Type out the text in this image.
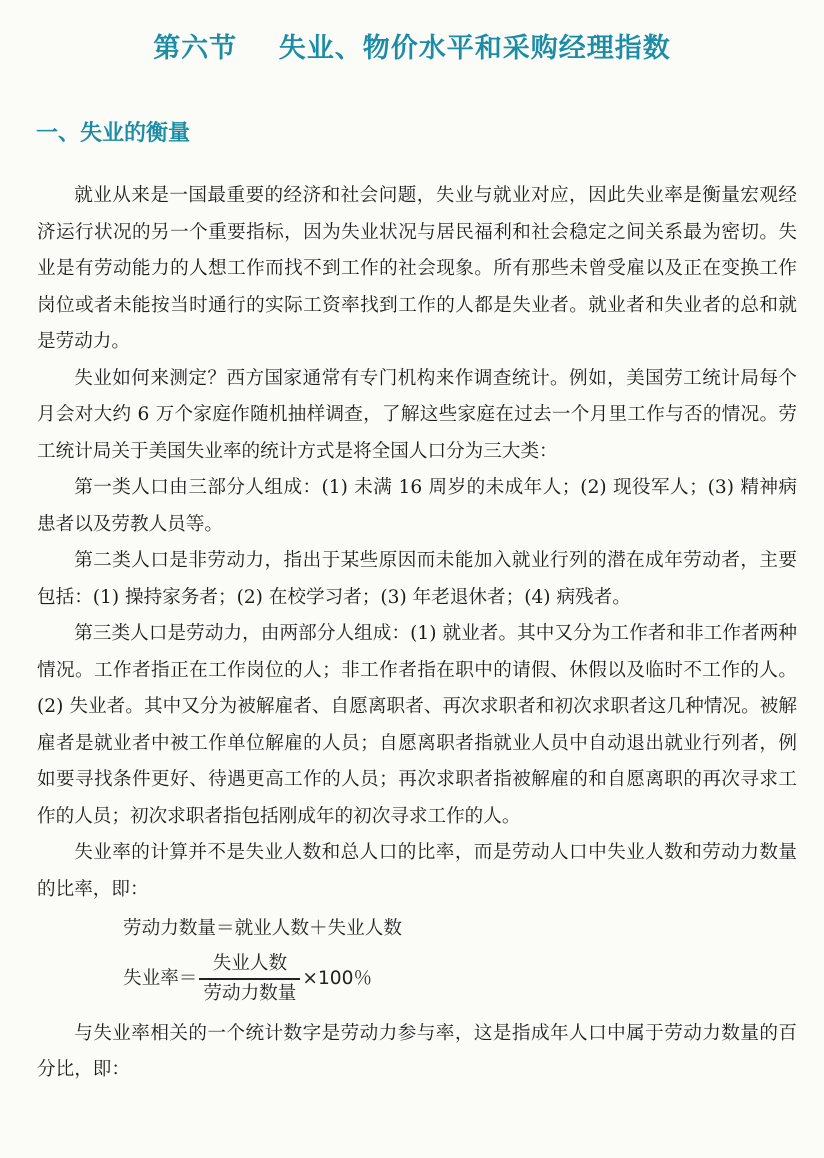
第六节    失业、物价水平和采购经理指数
一、失业的衡量

就业从来是一国最重要的经济和社会问题，失业与就业对应，因此失业率是衡量宏观经济运行状况的另一个重要指标，因为失业状况与居民福利和社会稳定之间关系最为密切。失业是有劳动能力的人想工作而找不到工作的社会现象。所有那些未曾受雇以及正在变换工作岗位或者未能按当时通行的实际工资率找到工作的人都是失业者。就业者和失业者的总和就是劳动力。

失业如何来测定？西方国家通常有专门机构来作调查统计。例如，美国劳工统计局每个月会对大约 6 万个家庭作随机抽样调查，了解这些家庭在过去一个月里工作与否的情况。劳工统计局关于美国失业率的统计方式是将全国人口分为三大类：

第一类人口由三部分人组成：(1) 未满 16 周岁的未成年人；(2) 现役军人；(3) 精神病患者以及劳教人员等。

第二类人口是非劳动力，指出于某些原因而未能加入就业行列的潜在成年劳动者，主要包括：(1) 操持家务者；(2) 在校学习者；(3) 年老退休者；(4) 病残者。

第三类人口是劳动力，由两部分人组成：(1) 就业者。其中又分为工作者和非工作者两种情况。工作者指正在工作岗位的人；非工作者指在职中的请假、休假以及临时不工作的人。(2) 失业者。其中又分为被解雇者、自愿离职者、再次求职者和初次求职者这几种情况。被解雇者是就业者中被工作单位解雇的人员；自愿离职者指就业人员中自动退出就业行列者，例如要寻找条件更好、待遇更高工作的人员；再次求职者指被解雇的和自愿离职的再次寻求工作的人员；初次求职者指包括刚成年的初次寻求工作的人。

失业率的计算并不是失业人数和总人口的比率，而是劳动人口中失业人数和劳动力数量的比率，即：

劳动力数量＝就业人数＋失业人数
失业率＝ $\frac{\text{失业人数}}{\text{劳动力数量}} \times 100$％

与失业率相关的一个统计数字是劳动力参与率，这是指成年人口中属于劳动力数量的百分比，即：
